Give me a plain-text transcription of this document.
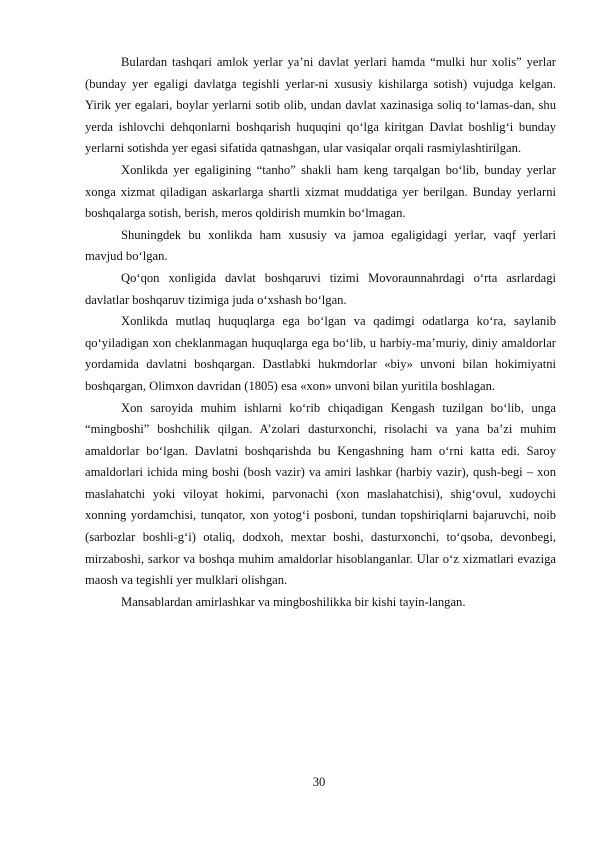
Bulardan tashqari amlok yerlar ya’ni davlat yerlari hamda “mulki hur xolis” yerlar (bunday yer egaligi davlatga tegishli yerlar-ni xususiy kishilarga sotish) vujudga kelgan. Yirik yer egalari, boylar yerlarni sotib olib, undan davlat xazinasiga soliq to‘lamas-dan, shu yerda ishlovchi dehqonlarni boshqarish huquqini qo‘lga kiritgan Davlat boshlig‘i bunday yerlarni sotishda yer egasi sifatida qatnashgan, ular vasiqalar orqali rasmiylashtirilgan.

Xonlikda yer egaligining “tanho” shakli ham keng tarqalgan bo‘lib, bunday yerlar xonga xizmat qiladigan askarlarga shartli xizmat muddatiga yer berilgan. Bunday yerlarni boshqalarga sotish, berish, meros qoldirish mumkin bo‘lmagan.

Shuningdek bu xonlikda ham xususiy va jamoa egaligidagi yerlar, vaqf yerlari mavjud bo‘lgan.

Qo‘qon xonligida davlat boshqaruvi tizimi Movoraunnahrdagi o‘rta asrlardagi davlatlar boshqaruv tizimiga juda o‘xshash bo‘lgan.

Xonlikda mutlaq huquqlarga ega bo‘lgan va qadimgi odatlarga ko‘ra, saylanib qo‘yiladigan xon cheklanmagan huquqlarga ega bo‘lib, u harbiy-ma’muriy, diniy amaldorlar yordamida davlatni boshqargan. Dastlabki hukmdorlar «biy» unvoni bilan hokimiyatni boshqargan, Olimxon davridan (1805) esa «xon» unvoni bilan yuritila boshlagan.

Xon saroyida muhim ishlarni ko‘rib chiqadigan Kengash tuzilgan bo‘lib, unga “mingboshi” boshchilik qilgan. A’zolari dasturxonchi, risolachi va yana ba’zi muhim amaldorlar bo‘lgan. Davlatni boshqarishda bu Kengashning ham o‘rni katta edi. Saroy amaldorlari ichida ming boshi (bosh vazir) va amiri lashkar (harbiy vazir), qush-begi – xon maslahatchi yoki viloyat hokimi, parvonachi (xon maslahatchisi), shig‘ovul, xudoychi xonning yordamchisi, tunqator, xon yotog‘i posboni, tundan topshiriqlarni bajaruvchi, noib (sarbozlar boshli-g‘i) otaliq, dodxoh, mextar boshi, dasturxonchi, to‘qsoba, devonbegi, mirzaboshi, sarkor va boshqa muhim amaldorlar hisoblanganlar. Ular o‘z xizmatlari evaziga maosh va tegishli yer mulklari olishgan.

Mansablardan amirlashkar va mingboshilikka bir kishi tayin-langan.

30
